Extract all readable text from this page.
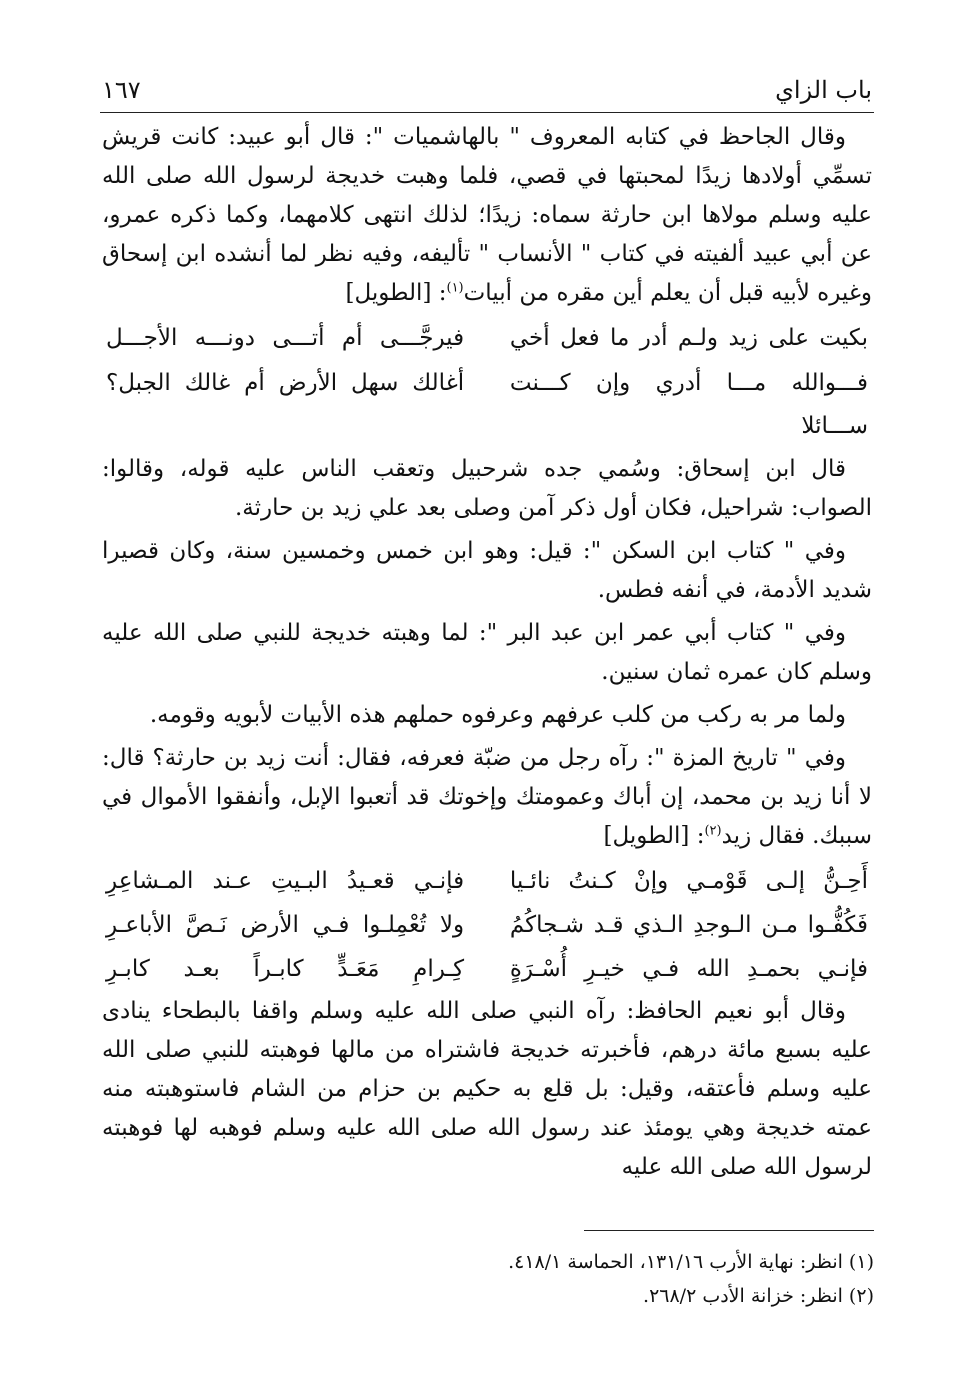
باب الزاي
١٦٧

وقال الجاحظ في كتابه المعروف " بالهاشميات ": قال أبو عبيد: كانت قريش تسمِّي أولادها زيدًا لمحبتها في قصي، فلما وهبت خديجة لرسول الله صلى الله عليه وسلم مولاها ابن حارثة سماه: زيدًا؛ لذلك انتهى كلامهما، وكما ذكره عمرو، عن أبي عبيد ألفيته في كتاب " الأنساب " تأليفه، وفيه نظر لما أنشده ابن إسحاق وغيره لأبيه قبل أن يعلم أين مقره من أبيات$^{(١)}$: [الطويل]

بكيت على زيد ولـم أدر ما فعل أخي
فيرجَّـــى أم أتـــى دونـــه الأجـــل
فـــوالله مـــا أدري وإن كـــنت ســـائلا
أغالك سهل الأرض أم غالك الجبل؟

قال ابن إسحاق: وسُمي جده شرحبيل وتعقب الناس عليه قوله، وقالوا: الصواب: شراحيل، فكان أول ذكر آمن وصلى بعد علي زيد بن حارثة.

وفي " كتاب ابن السكن ": قيل: وهو ابن خمس وخمسين سنة، وكان قصيرا شديد الأدمة، في أنفه فطس.

وفي " كتاب أبي عمر ابن عبد البر ": لما وهبته خديجة للنبي صلى الله عليه وسلم كان عمره ثمان سنين.

ولما مر به ركب من كلب عرفهم وعرفوه حملهم هذه الأبيات لأبويه وقومه.

وفي " تاريخ المزة ": رآه رجل من ضبّة فعرفه، فقال: أنت زيد بن حارثة؟ قال: لا أنا زيد بن محمد، إن أباك وعمومتك وإخوتك قد أتعبوا الإبل، وأنفقوا الأموال في سببك. فقال زيد$^{(٢)}$: [الطويل]

أَحِـنُّ إلـى قَوْمـي وإنْ كـنتُ نائـيا
فإنـي قعـيدُ البـيتِ عـند المـشاعِرِ
فَكُفُّـوا مـن الـوجدِ الـذي قـد شـجاكُمُ
ولا تُعْمِلـوا فـي الأرض نَـصَّ الأباعـرِ
فإنـي بحمـدِ الله فـي خيـرِ أُسْـرَةٍ
كِـرامِ مَعَـدٍّ كابـراً بعـد كابـرِ

وقال أبو نعيم الحافظ: رآه النبي صلى الله عليه وسلم واقفا بالبطحاء ينادى عليه بسبع مائة درهم، فأخبرته خديجة فاشتراه من مالها فوهبته للنبي صلى الله عليه وسلم فأعتقه، وقيل: بل قلع به حكيم بن حزام من الشام فاستوهبته منه عمته خديجة وهي يومئذ عند رسول الله صلى الله عليه وسلم فوهبه لها فوهبته لرسول الله صلى الله عليه

(١) انظر: نهاية الأرب ١٣١/١٦، الحماسة ٤١٨/١.

(٢) انظر: خزانة الأدب ٢٦٨/٢.
